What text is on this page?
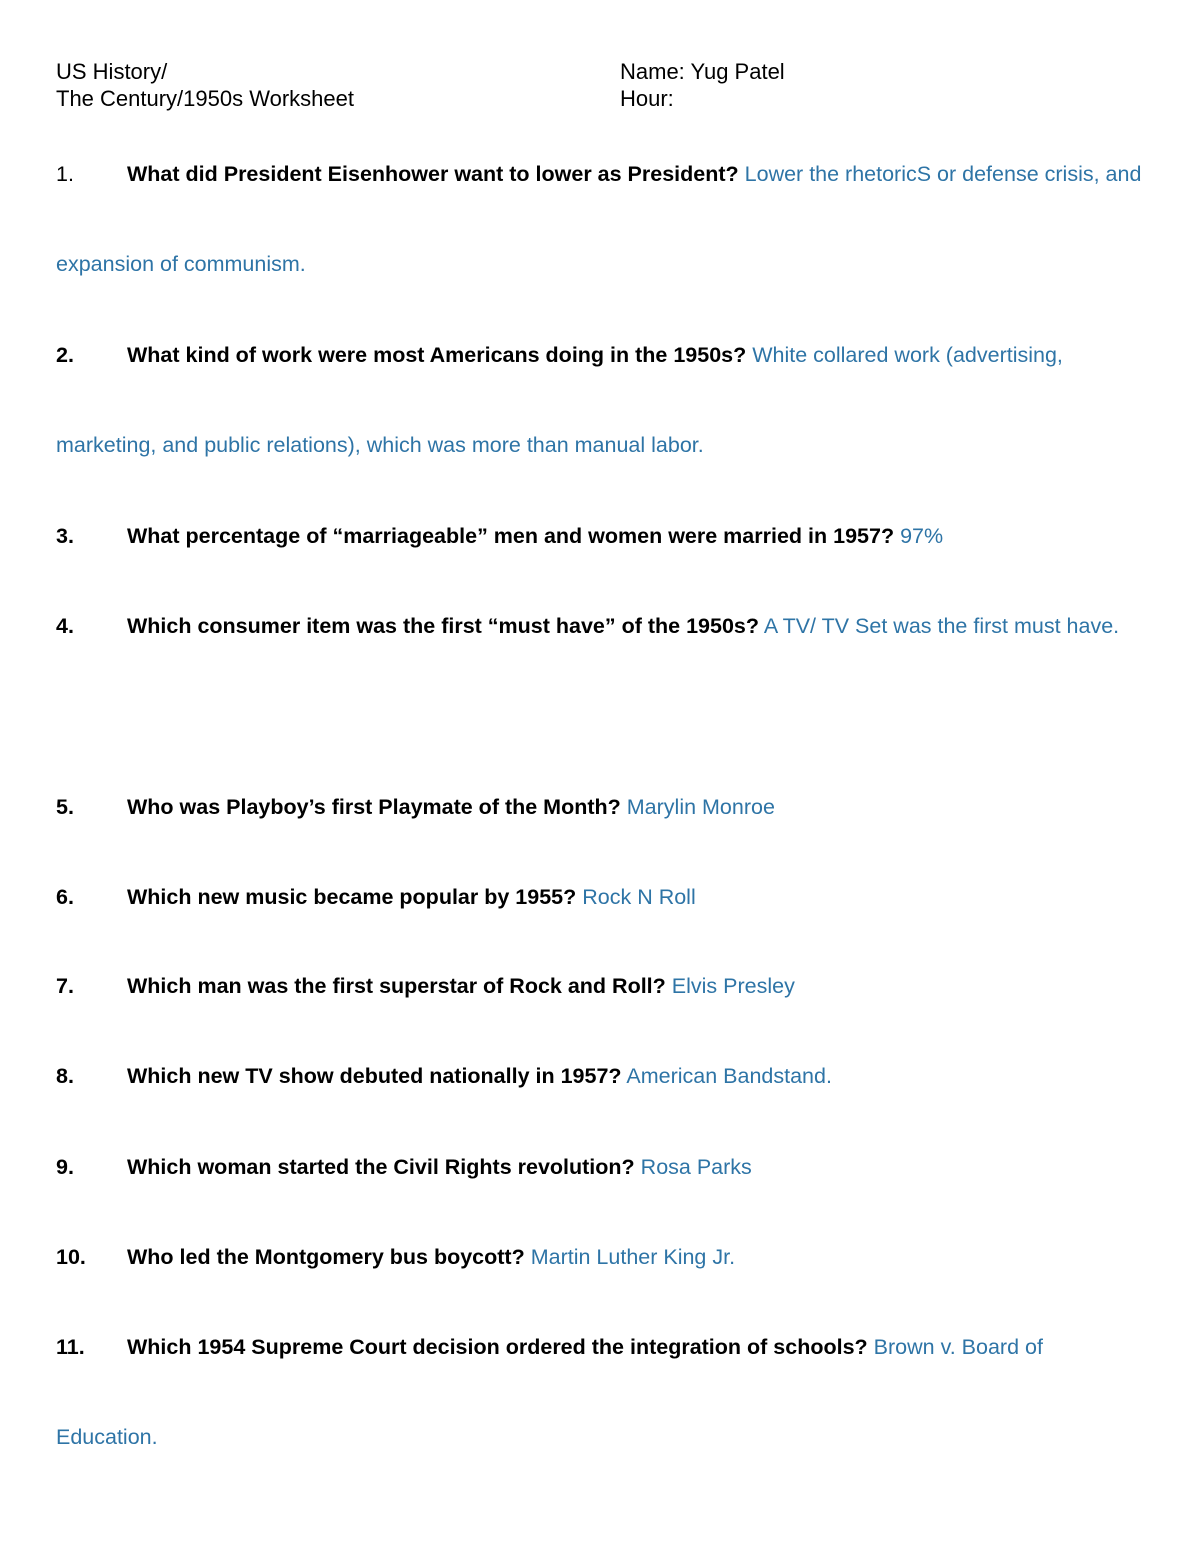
US History/
The Century/1950s Worksheet
Name: Yug Patel
Hour:
1. What did President Eisenhower want to lower as President? Lower the rhetoricS or defense crisis, and expansion of communism.
2. What kind of work were most Americans doing in the 1950s? White collared work (advertising, marketing, and public relations), which was more than manual labor.
3. What percentage of “marriageable” men and women were married in 1957? 97%
4. Which consumer item was the first “must have” of the 1950s? A TV/ TV Set was the first must have.
5. Who was Playboy’s first Playmate of the Month? Marylin Monroe
6. Which new music became popular by 1955? Rock N Roll
7. Which man was the first superstar of Rock and Roll? Elvis Presley
8. Which new TV show debuted nationally in 1957? American Bandstand.
9. Which woman started the Civil Rights revolution? Rosa Parks
10. Who led the Montgomery bus boycott? Martin Luther King Jr.
11. Which 1954 Supreme Court decision ordered the integration of schools? Brown v. Board of Education.
